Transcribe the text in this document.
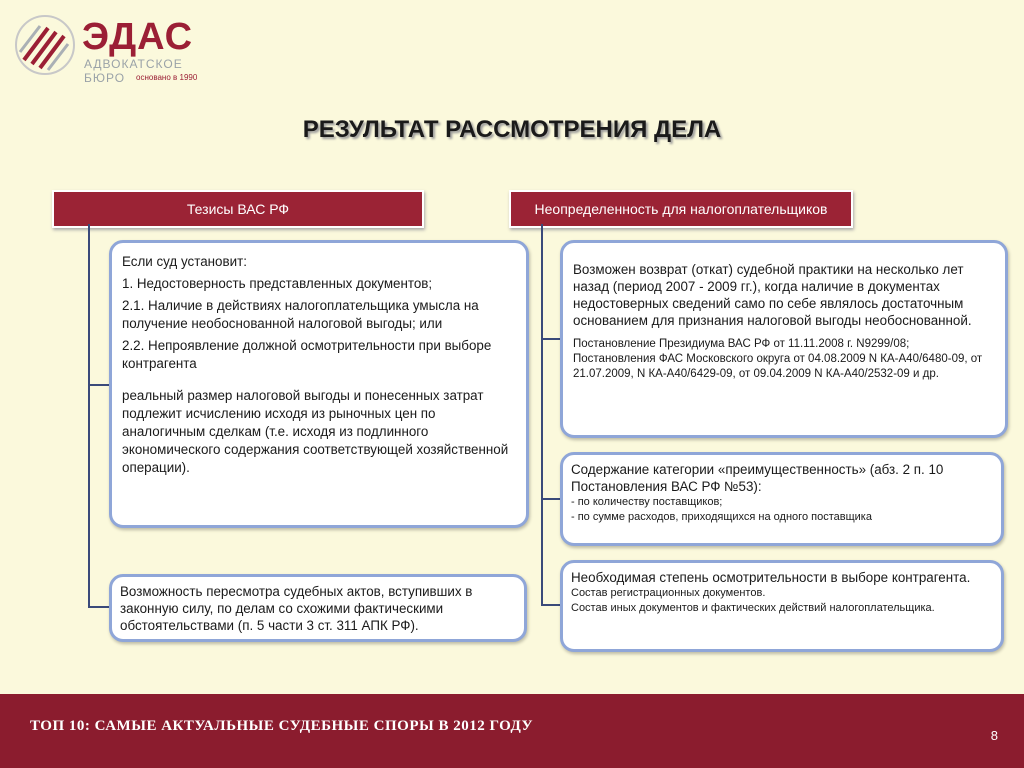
ЭДАС
АДВОКАТСКОЕ
БЮРО основано в 1990
РЕЗУЛЬТАТ РАССМОТРЕНИЯ ДЕЛА
Тезисы ВАС РФ	Неопределенность для налогоплательщиков

Если суд установит:

1. Недостоверность представленных документов;

2.1. Наличие в действиях налогоплательщика умысла на получение необоснованной налоговой выгоды; или

2.2. Непроявление должной осмотрительности при выборе контрагента

реальный размер налоговой выгоды и понесенных затрат подлежит исчислению исходя из рыночных цен по аналогичным сделкам (т.е. исходя из подлинного экономического содержания соответствующей хозяйственной операции).

Возможность пересмотра судебных актов, вступивших в законную силу, по делам со схожими фактическими обстоятельствами (п. 5 части 3 ст. 311 АПК РФ).

Возможен возврат (откат) судебной практики на несколько лет назад (период 2007 - 2009 гг.), когда наличие в документах недостоверных сведений само по себе являлось достаточным основанием для признания налоговой выгоды необоснованной.

Постановление Президиума ВАС РФ от 11.11.2008 г. N9299/08; Постановления ФАС Московского округа от 04.08.2009 N КА-А40/6480-09, от 21.07.2009, N КА-А40/6429-09, от 09.04.2009 N КА-А40/2532-09 и др.

Содержание категории «преимущественность» (абз. 2 п. 10 Постановления ВАС РФ №53):

- по количеству поставщиков;

- по сумме расходов, приходящихся на одного поставщика

Необходимая степень осмотрительности в выборе контрагента.

Состав регистрационных документов.

Состав иных документов и фактических действий налогоплательщика.

ТОП 10: САМЫЕ АКТУАЛЬНЫЕ СУДЕБНЫЕ СПОРЫ В 2012 ГОДУ
8
